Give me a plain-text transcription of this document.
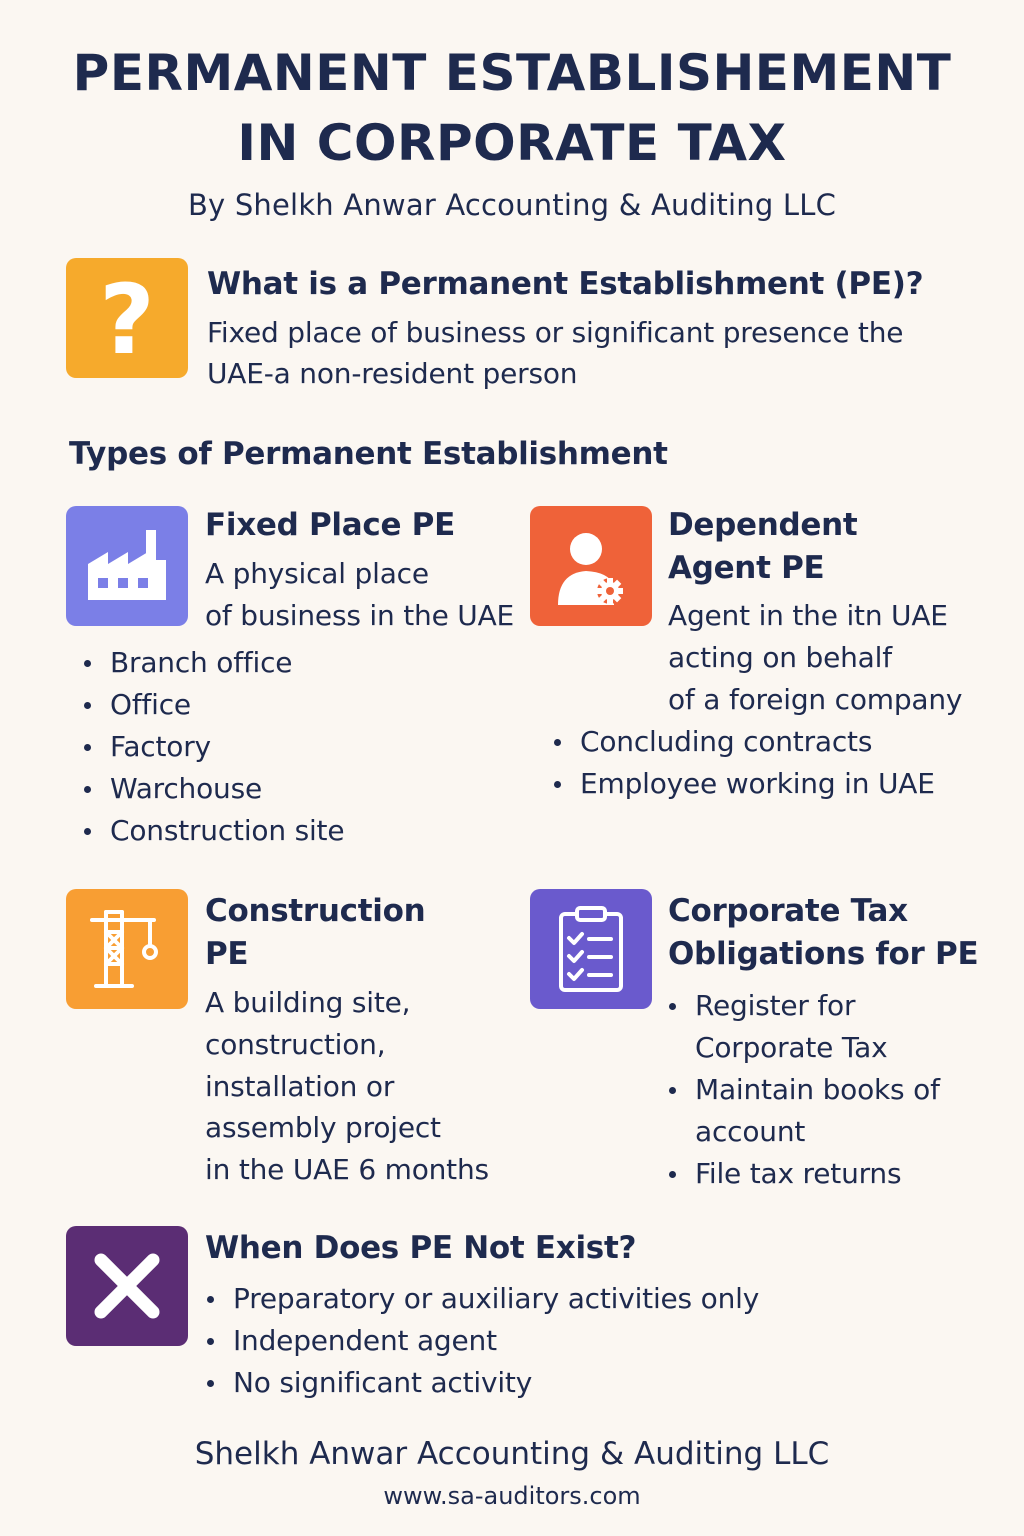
PERMANENT ESTABLISHEMENT
IN CORPORATE TAX
By Shelkh Anwar Accounting & Auditing LLC
? What is a Permanent Establishment (PE)?
Fixed place of business or significant presence the
UAE-a non-resident person
Types of Permanent Establishment
Fixed Place PE
A physical place
of business in the UAE
Branch office
Office
Factory
Warchouse
Construction site
Dependent
Agent PE
Agent in the itn UAE
acting on behalf
of a foreign company
Concluding contracts
Employee working in UAE
Construction
PE
A building site,
construction,
installation or
assembly project
in the UAE 6 months
Corporate Tax
Obligations for PE
Register for
Corporate Tax
Maintain books of
account
File tax returns
When Does PE Not Exist?
Preparatory or auxiliary activities only
Independent agent
No significant activity
Shelkh Anwar Accounting & Auditing LLC
www.sa-auditors.com
